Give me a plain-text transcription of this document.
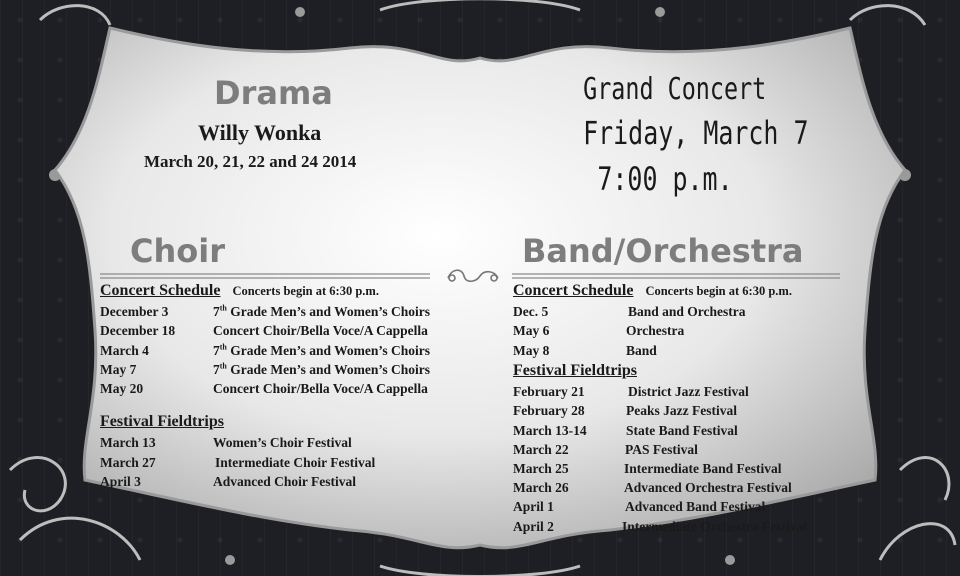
Drama
Willy Wonka
March 20, 21, 22 and 24 2014
Grand Concert
Friday, March 7
7:00 p.m.
Choir
Concert Schedule Concerts begin at 6:30 p.m.
December 3	7th Grade Men’s and Women’s Choirs
December 18	Concert Choir/Bella Voce/A Cappella
March 4	7th Grade Men’s and Women’s Choirs
May 7	7th Grade Men’s and Women’s Choirs
May 20	Concert Choir/Bella Voce/A Cappella
Festival Fieldtrips
March 13	Women’s Choir Festival
March 27	Intermediate Choir Festival
April 3	Advanced Choir Festival
Band/Orchestra
Concert Schedule Concerts begin at 6:30 p.m.
Dec. 5	Band and Orchestra
May 6	Orchestra
May 8	Band
Festival Fieldtrips
February 21	District Jazz Festival
February 28	Peaks Jazz Festival
March 13-14	State Band Festival
March 22	PAS Festival
March 25	Intermediate Band Festival
March 26	Advanced Orchestra Festival
April 1	Advanced Band Festival
April 2	Intermediate Orchestra Festival
